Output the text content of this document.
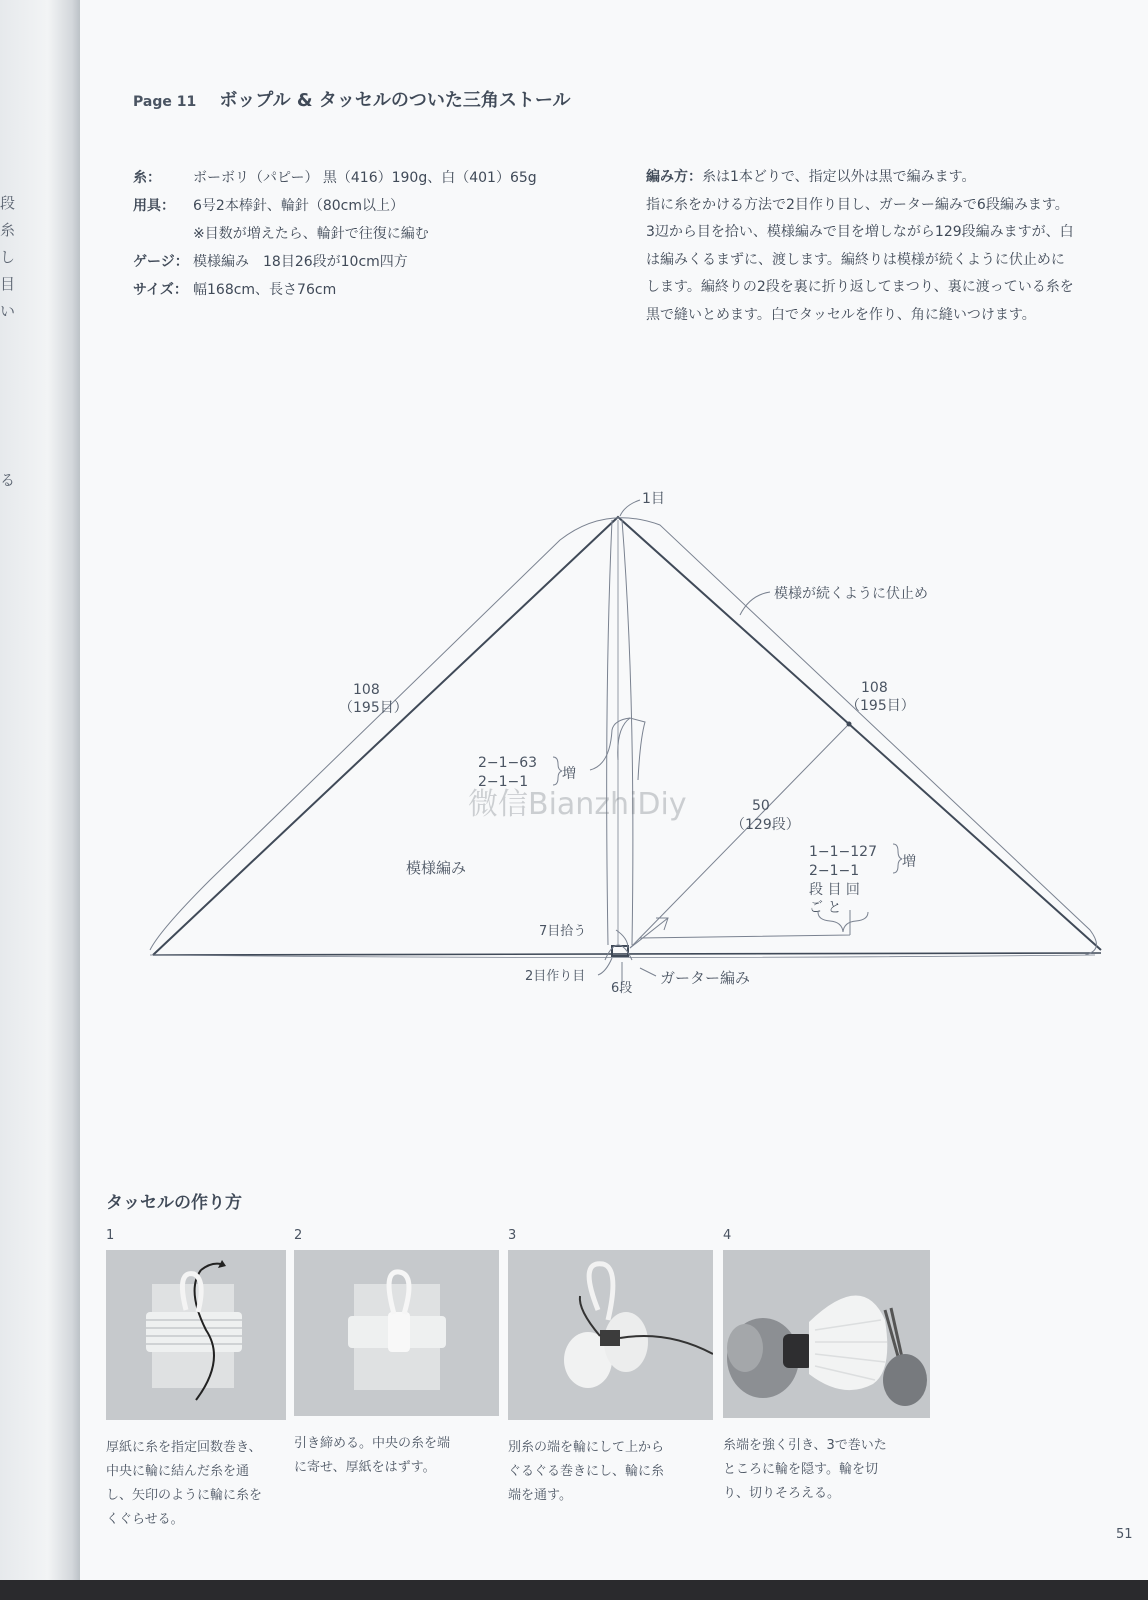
段
糸
し
目
い
る
Page 11 ボップル & タッセルのついた三角ストール
糸：	ボーボリ（パピー） 黒（416）190g、白（401）65g
用具：	6号2本棒針、輪針（80cm以上）
※目数が増えたら、輪針で往復に編む
ゲージ： 模様編み　18目26段が10cm四方
サイズ： 幅168cm、長さ76cm
編み方：糸は1本どりで、指定以外は黒で編みます。
指に糸をかける方法で2目作り目し、ガーター編みで6段編みます。
3辺から目を拾い、模様編みで目を増しながら129段編みますが、白
は編みくるまずに、渡します。編終りは模様が続くように伏止めに
します。編終りの2段を裏に折り返してまつり、裏に渡っている糸を
黒で縫いとめます。白でタッセルを作り、角に縫いつけます。
1目
模様が続くように伏止め
108
（195目）
108
（195目）
2−1−63
2−1−1 増
50
（129段）
模様編み
1−1−127
2−1−1
増
段 目 回
ご と
7目拾う
2目作り目
6段
ガーター編み
微信BianzhiDiy
タッセルの作り方
1
厚紙に糸を指定回数巻き、
中央に輪に結んだ糸を通
し、矢印のように輪に糸を
くぐらせる。
2
引き締める。中央の糸を端
に寄せ、厚紙をはずす。
3
別糸の端を輪にして上から
ぐるぐる巻きにし、輪に糸
端を通す。
4
糸端を強く引き、3で巻いた
ところに輪を隠す。輪を切
り、切りそろえる。
51
